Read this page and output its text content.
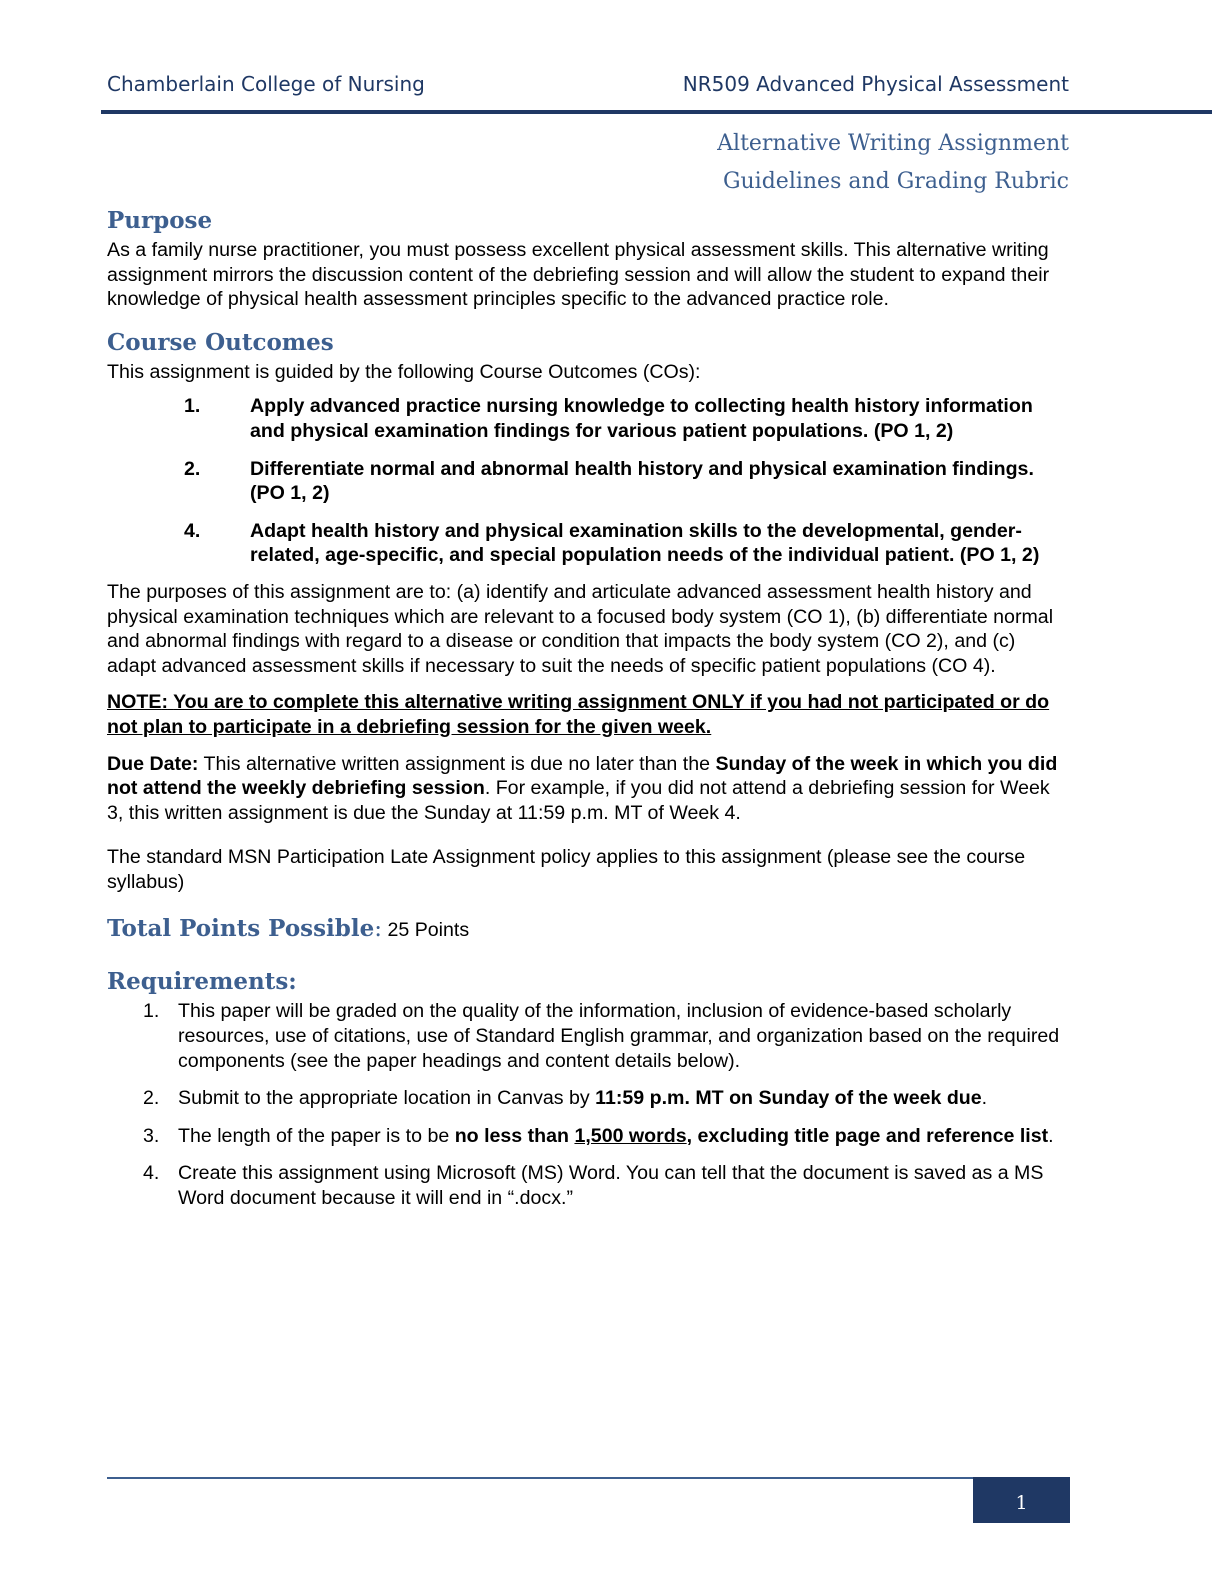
Chamberlain College of Nursing	NR509 Advanced Physical Assessment
Alternative Writing Assignment
Guidelines and Grading Rubric
Purpose

As a family nurse practitioner, you must possess excellent physical assessment skills. This alternative writing assignment mirrors the discussion content of the debriefing session and will allow the student to expand their knowledge of physical health assessment principles specific to the advanced practice role.

Course Outcomes

This assignment is guided by the following Course Outcomes (COs):

1.	Apply advanced practice nursing knowledge to collecting health history information and physical examination findings for various patient populations. (PO 1, 2)
2.	Differentiate normal and abnormal health history and physical examination findings. (PO 1, 2)
4.	Adapt health history and physical examination skills to the developmental, gender-related, age-specific, and special population needs of the individual patient. (PO 1, 2)

The purposes of this assignment are to: (a) identify and articulate advanced assessment health history and physical examination techniques which are relevant to a focused body system (CO 1), (b) differentiate normal and abnormal findings with regard to a disease or condition that impacts the body system (CO 2), and (c) adapt advanced assessment skills if necessary to suit the needs of specific patient populations (CO 4).

NOTE: You are to complete this alternative writing assignment ONLY if you had not participated or do not plan to participate in a debriefing session for the given week.

Due Date: This alternative written assignment is due no later than the Sunday of the week in which you did not attend the weekly debriefing session. For example, if you did not attend a debriefing session for Week 3, this written assignment is due the Sunday at 11:59 p.m. MT of Week 4.

The standard MSN Participation Late Assignment policy applies to this assignment (please see the course syllabus)

Total Points Possible: 25 Points
Requirements:
1. This paper will be graded on the quality of the information, inclusion of evidence-based scholarly resources, use of citations, use of Standard English grammar, and organization based on the required components (see the paper headings and content details below).
2. Submit to the appropriate location in Canvas by 11:59 p.m. MT on Sunday of the week due.
3. The length of the paper is to be no less than 1,500 words, excluding title page and reference list.
4. Create this assignment using Microsoft (MS) Word. You can tell that the document is saved as a MS Word document because it will end in “.docx.”
1
